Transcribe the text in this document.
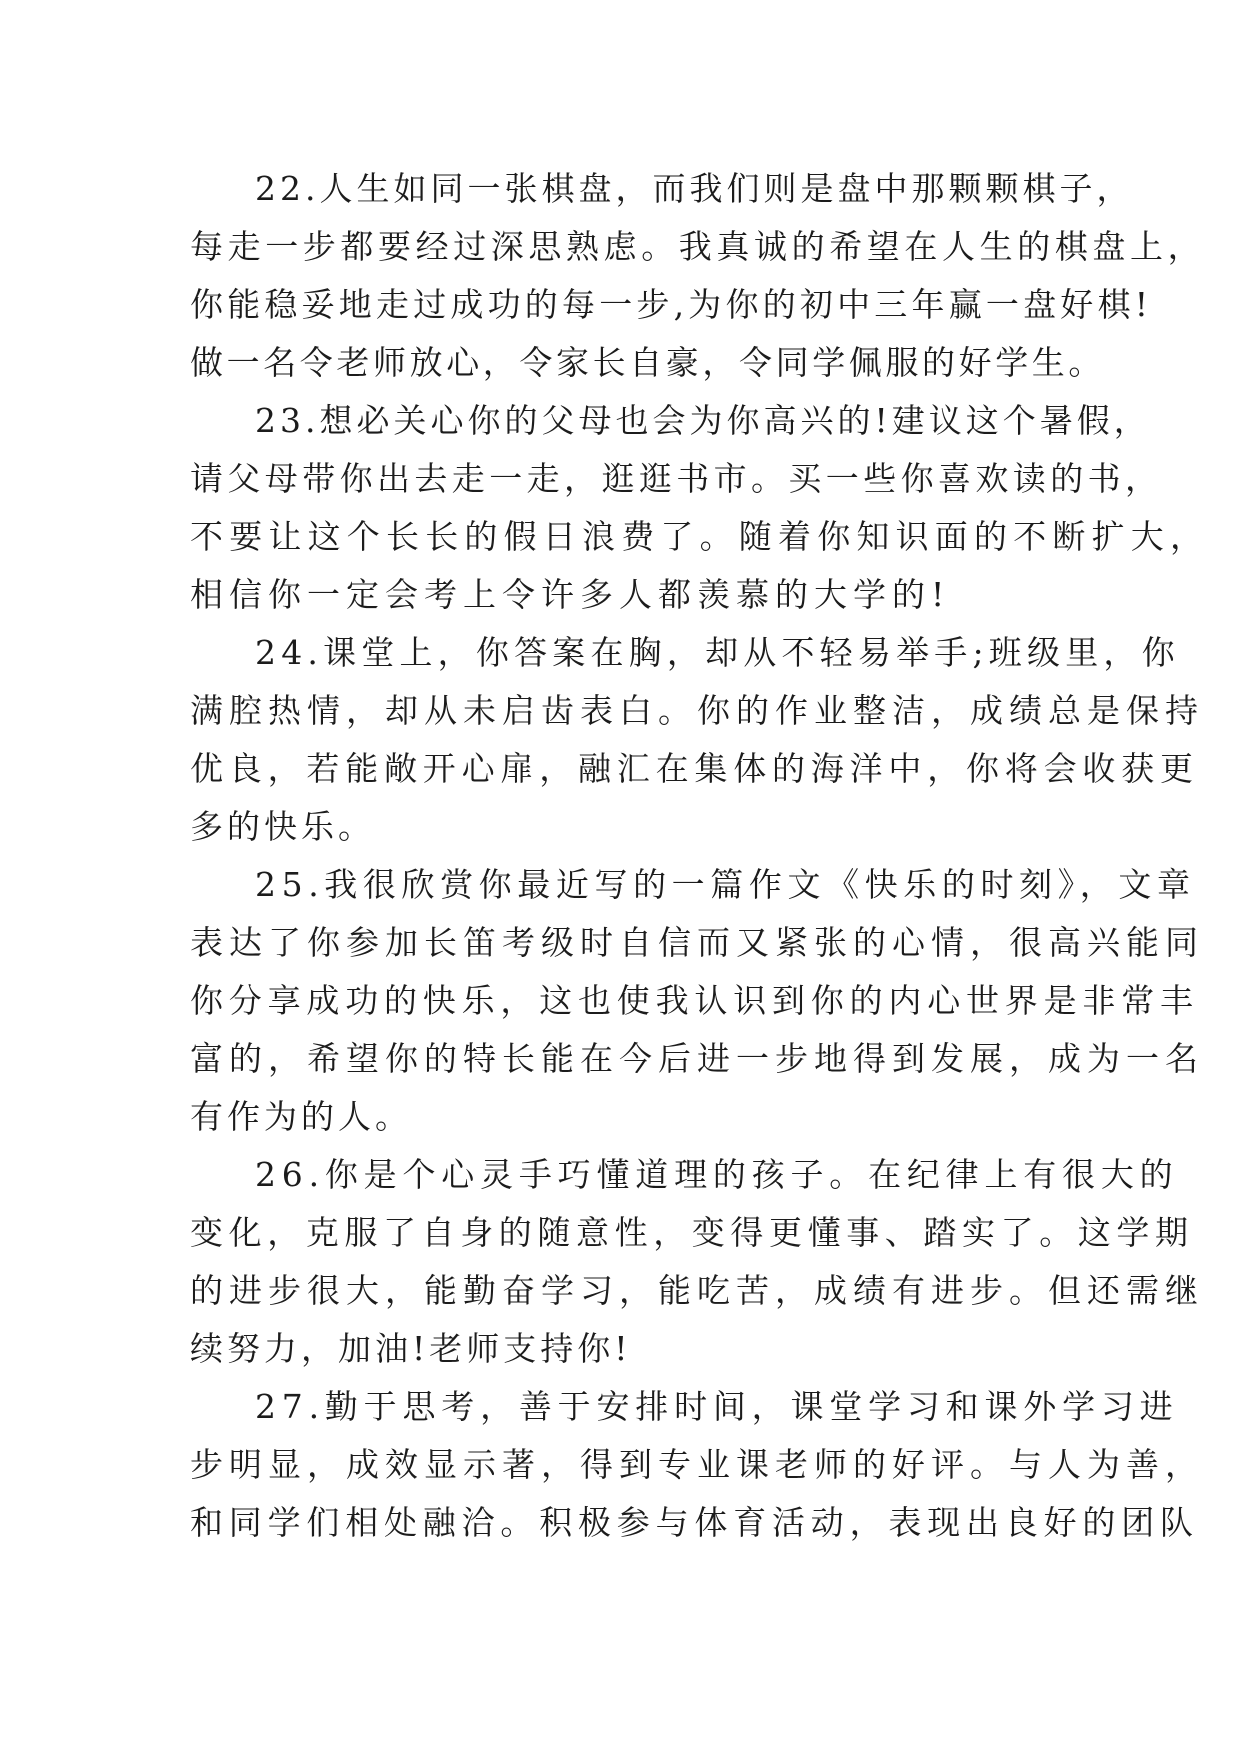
22.人生如同一张棋盘，而我们则是盘中那颗颗棋子，
每走一步都要经过深思熟虑。我真诚的希望在人生的棋盘上，
你能稳妥地走过成功的每一步,为你的初中三年赢一盘好棋!
做一名令老师放心，令家长自豪，令同学佩服的好学生。
23.想必关心你的父母也会为你高兴的!建议这个暑假，
请父母带你出去走一走，逛逛书市。买一些你喜欢读的书，
不要让这个长长的假日浪费了。随着你知识面的不断扩大，
相信你一定会考上令许多人都羡慕的大学的!
24.课堂上，你答案在胸，却从不轻易举手;班级里，你
满腔热情，却从未启齿表白。你的作业整洁，成绩总是保持
优良，若能敞开心扉，融汇在集体的海洋中，你将会收获更
多的快乐。
25.我很欣赏你最近写的一篇作文《快乐的时刻》，文章
表达了你参加长笛考级时自信而又紧张的心情，很高兴能同
你分享成功的快乐，这也使我认识到你的内心世界是非常丰
富的，希望你的特长能在今后进一步地得到发展，成为一名
有作为的人。
26.你是个心灵手巧懂道理的孩子。在纪律上有很大的
变化，克服了自身的随意性，变得更懂事、踏实了。这学期
的进步很大，能勤奋学习，能吃苦，成绩有进步。但还需继
续努力，加油!老师支持你!
27.勤于思考，善于安排时间，课堂学习和课外学习进
步明显，成效显示著，得到专业课老师的好评。与人为善，
和同学们相处融洽。积极参与体育活动，表现出良好的团队
